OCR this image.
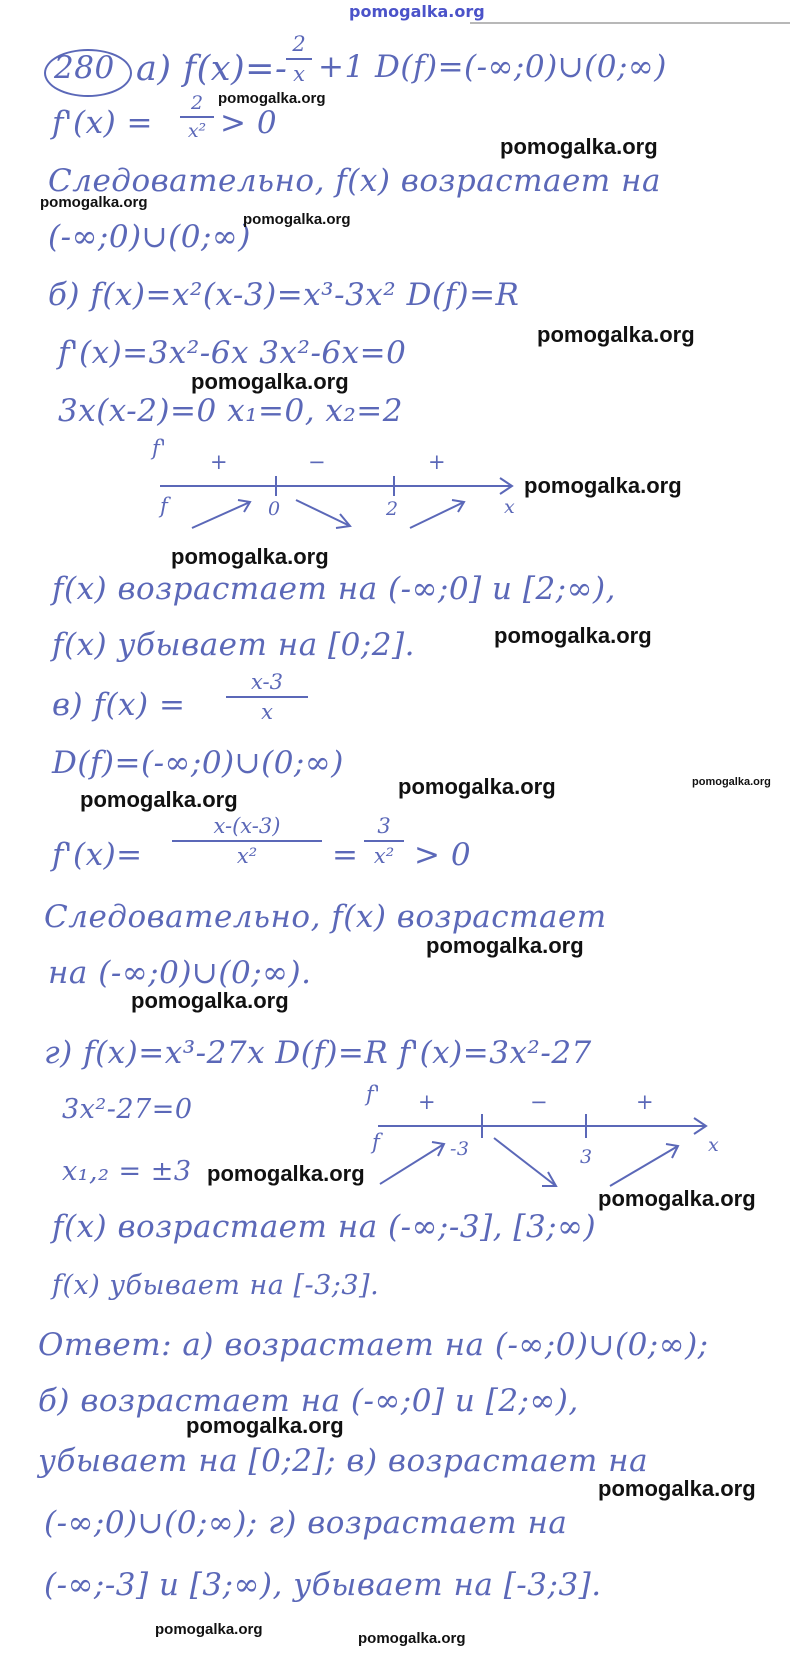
pomogalka.org
280 а) f(x)=-
2
x +1 D(f)=(-∞;0)∪(0;∞)
f'(x) =
2
x² > 0
Следовательно, f(x) возрастает на
(-∞;0)∪(0;∞)
б) f(x)=x²(x-3)=x³-3x² D(f)=R
f'(x)=3x²-6x 3x²-6x=0
3x(x-2)=0 x₁=0, x₂=2
f'
f
+	−	+
0	2	x
f(x) возрастает на (-∞;0] и [2;∞),
f(x) убывает на [0;2].
в) f(x) =
x-3
x
D(f)=(-∞;0)∪(0;∞)
f'(x)=
x-(x-3)
x² =
3
x² > 0
Следовательно, f(x) возрастает
на (-∞;0)∪(0;∞).
г) f(x)=x³-27x D(f)=R f'(x)=3x²-27
3x²-27=0
x₁,₂ = ±3
f'
f
+	−	+
-3	3
x
f(x) возрастает на (-∞;-3], [3;∞)
f(x) убывает на [-3;3].
Ответ: а) возрастает на (-∞;0)∪(0;∞);
б) возрастает на (-∞;0] и [2;∞),
убывает на [0;2]; в) возрастает на
(-∞;0)∪(0;∞); г) возрастает на
(-∞;-3] и [3;∞), убывает на [-3;3].
pomogalka.org
pomogalka.org
pomogalka.org
pomogalka.org
pomogalka.org
pomogalka.org
pomogalka.org
pomogalka.org
pomogalka.org
pomogalka.org	pomogalka.org
pomogalka.org
pomogalka.org
pomogalka.org
pomogalka.org
pomogalka.org
pomogalka.org
pomogalka.org
pomogalka.org
pomogalka.org
